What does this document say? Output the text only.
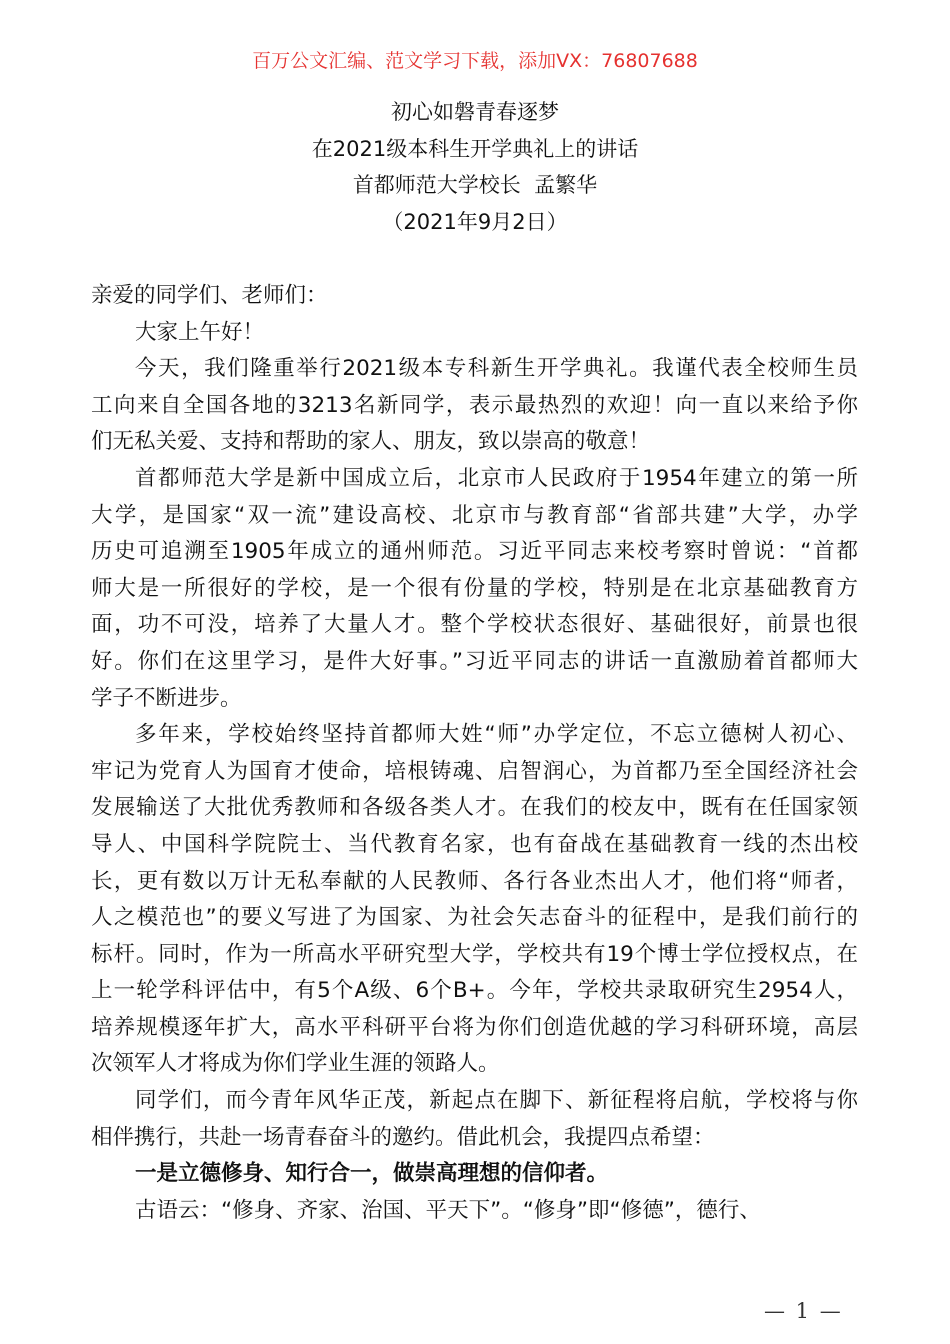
百万公文汇编、范文学习下载，添加VX：76807688
初心如磐青春逐梦
在2021级本科生开学典礼上的讲话
首都师范大学校长  孟繁华
（2021年9月2日）
亲爱的同学们、老师们：
大家上午好！
今天，我们隆重举行2021级本专科新生开学典礼。我谨代表全校师生员
工向来自全国各地的3213名新同学，表示最热烈的欢迎！向一直以来给予你
们无私关爱、支持和帮助的家人、朋友，致以崇高的敬意！
首都师范大学是新中国成立后，北京市人民政府于1954年建立的第一所
大学，是国家“双一流”建设高校、北京市与教育部“省部共建”大学，办学
历史可追溯至1905年成立的通州师范。习近平同志来校考察时曾说：“首都
师大是一所很好的学校，是一个很有份量的学校，特别是在北京基础教育方
面，功不可没，培养了大量人才。整个学校状态很好、基础很好，前景也很
好。你们在这里学习，是件大好事。”习近平同志的讲话一直激励着首都师大
学子不断进步。
多年来，学校始终坚持首都师大姓“师”办学定位，不忘立德树人初心、
牢记为党育人为国育才使命，培根铸魂、启智润心，为首都乃至全国经济社会
发展输送了大批优秀教师和各级各类人才。在我们的校友中，既有在任国家领
导人、中国科学院院士、当代教育名家，也有奋战在基础教育一线的杰出校
长，更有数以万计无私奉献的人民教师、各行各业杰出人才，他们将“师者，
人之模范也”的要义写进了为国家、为社会矢志奋斗的征程中，是我们前行的
标杆。同时，作为一所高水平研究型大学，学校共有19个博士学位授权点，在
上一轮学科评估中，有5个A级、6个B+。今年，学校共录取研究生2954人，
培养规模逐年扩大，高水平科研平台将为你们创造优越的学习科研环境，高层
次领军人才将成为你们学业生涯的领路人。
同学们，而今青年风华正茂，新起点在脚下、新征程将启航，学校将与你
相伴携行，共赴一场青春奋斗的邀约。借此机会，我提四点希望：
一是立德修身、知行合一，做崇高理想的信仰者。
古语云：“修身、齐家、治国、平天下”。“修身”即“修德”，德行、
— 1 —
